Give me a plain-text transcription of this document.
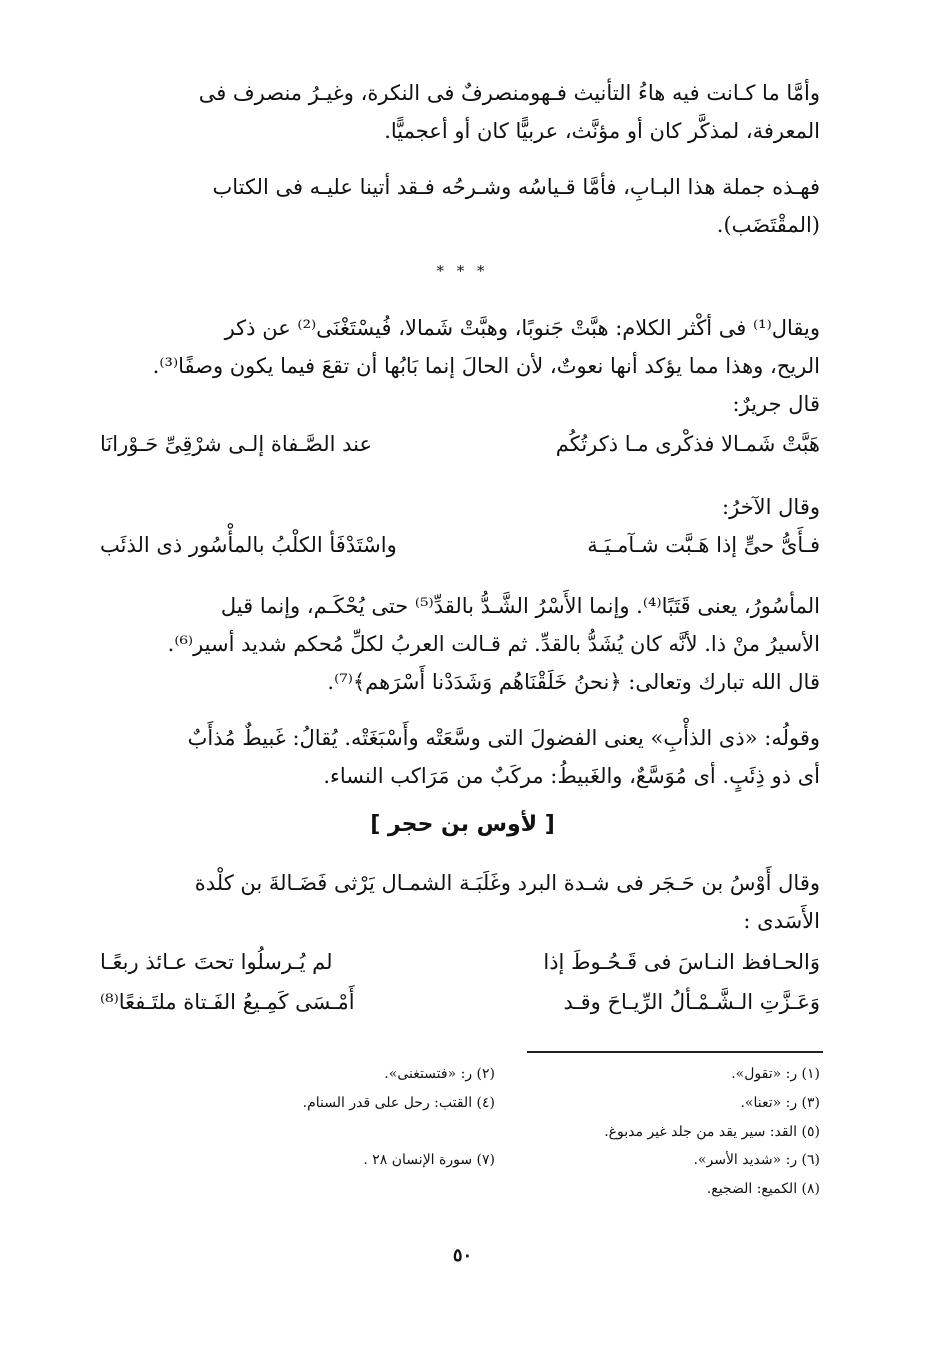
وأمَّا ما كـانت فيه هاءُ التأنيث فـهومنصرفٌ فى النكرة، وغيـرُ منصرف فى
المعرفة، لمذكَّر كان أو مؤنَّث، عربيًّا كان أو أعجميًّا.

فهـذه جملة هذا البـابِ، فأمَّا قـياسُه وشـرحُه فـقد أتينا عليـه فى الكتاب
(المقْتَضَب).

* * *

ويقال⁽¹⁾ فى أكْثر الكلام: هبَّتْ جَنوبًا، وهبَّتْ شَمالا، فُيسْتَغْنَى⁽²⁾ عن ذكر
الريح، وهذا مما يؤكد أنها نعوتٌ، لأن الحالَ إنما بَابُها أن تقعَ فيما يكون وصفًا⁽³⁾.
قال جريرٌ:

هَبَّتْ شَمـالا فذكْرى مـا ذكرتُكُم
عند الصَّـفاة إلـى شرْقِىِّ حَـوْرانَا

وقال الآخرُ:

فـأَىُّ حىٍّ إذا هَـبَّت شـآمـيَـة
واسْتَدْفَأ الكلْبُ بالمأْسُور ذى الذئَب

المأسُورُ، يعنى قَتَبًا⁽⁴⁾. وإنما الأَسْرُ الشَّـدُّ بالقدِّ⁽⁵⁾ حتى يُحْكَـم، وإنما قيل
الأسيرُ منْ ذا. لأنَّه كان يُشَدُّ بالقدِّ. ثم قـالت العربُ لكلِّ مُحكم شديد أسير⁽⁶⁾.
قال الله تبارك وتعالى: ﴿نحنُ خَلَقْنَاهُم وَشَدَدْنا أَسْرَهم﴾⁽⁷⁾.

وقولُه: «ذى الذأْبِ» يعنى الفضولَ التى وسَّعَتْه وأَسْبَغَتْه. يُقالُ: غَبيطٌ مُذأَبٌ
أى ذو ذِئَبٍ. أى مُوَسَّعٌ، والغَبيطُ: مركَبٌ من مَرَاكب النساء.

[ لأوس بن حجر ]

وقال أَوْسُ بن حَـجَر فى شـدة البرد وغَلَبَـة الشمـال يَرْثى فَضَـالةَ بن كلْدة
الأَسَدى :

وَالحـافظ النـاسَ فى قَـحُـوطَ إذا
لم يُـرسلُوا تحتَ عـائذ ربعًـا
وَعَـزَّتِ الـشَّـمْـألُ الرِّيـاحَ وقـد
أَمْـسَى كَمِـيعُ الفَـتاة ملتَـفعًا⁽⁸⁾
(١) ر: «تقول».
(٢) ر: «فتستغنى».
(٣) ر: «تعنا».
(٤) القتب: رحل على قدر السنام.
(٥) القد: سير يقد من جلد غير مدبوغ.
(٦) ر: «شديد الأسر».
(٧) سورة الإنسان ٢٨ .
(٨) الكميع: الضجيع.
٥٠
